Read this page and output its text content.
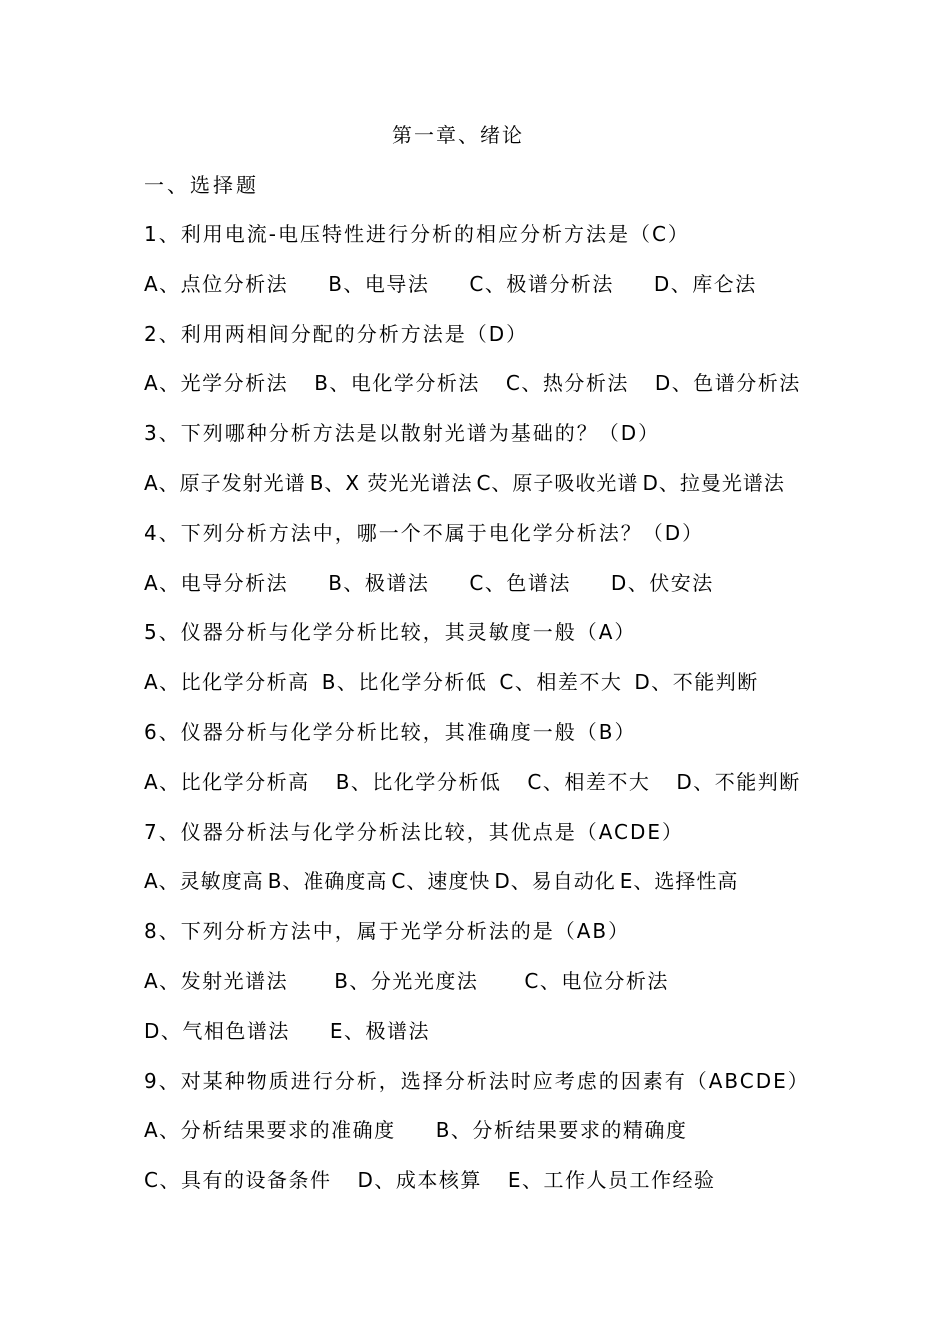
第一章、绪论
一、选择题
1、利用电流-电压特性进行分析的相应分析方法是（C）
A、点位分析法 B、电导法 C、极谱分析法 D、库仑法
2、利用两相间分配的分析方法是（D）
A、光学分析法 B、电化学分析法 C、热分析法 D、色谱分析法
3、下列哪种分析方法是以散射光谱为基础的？（D）
A、原子发射光谱 B、X 荧光光谱法 C、原子吸收光谱 D、拉曼光谱法
4、下列分析方法中，哪一个不属于电化学分析法？（D）
A、电导分析法 B、极谱法 C、色谱法 D、伏安法
5、仪器分析与化学分析比较，其灵敏度一般（A）
A、比化学分析高 B、比化学分析低 C、相差不大 D、不能判断
6、仪器分析与化学分析比较，其准确度一般（B）
A、比化学分析高 B、比化学分析低 C、相差不大 D、不能判断
7、仪器分析法与化学分析法比较，其优点是（ACDE）
A、灵敏度高 B、准确度高 C、速度快 D、易自动化 E、选择性高
8、下列分析方法中，属于光学分析法的是（AB）
A、发射光谱法 B、分光光度法 C、电位分析法
D、气相色谱法 E、极谱法
9、对某种物质进行分析，选择分析法时应考虑的因素有（ABCDE）
A、分析结果要求的准确度 B、分析结果要求的精确度
C、具有的设备条件 D、成本核算 E、工作人员工作经验
